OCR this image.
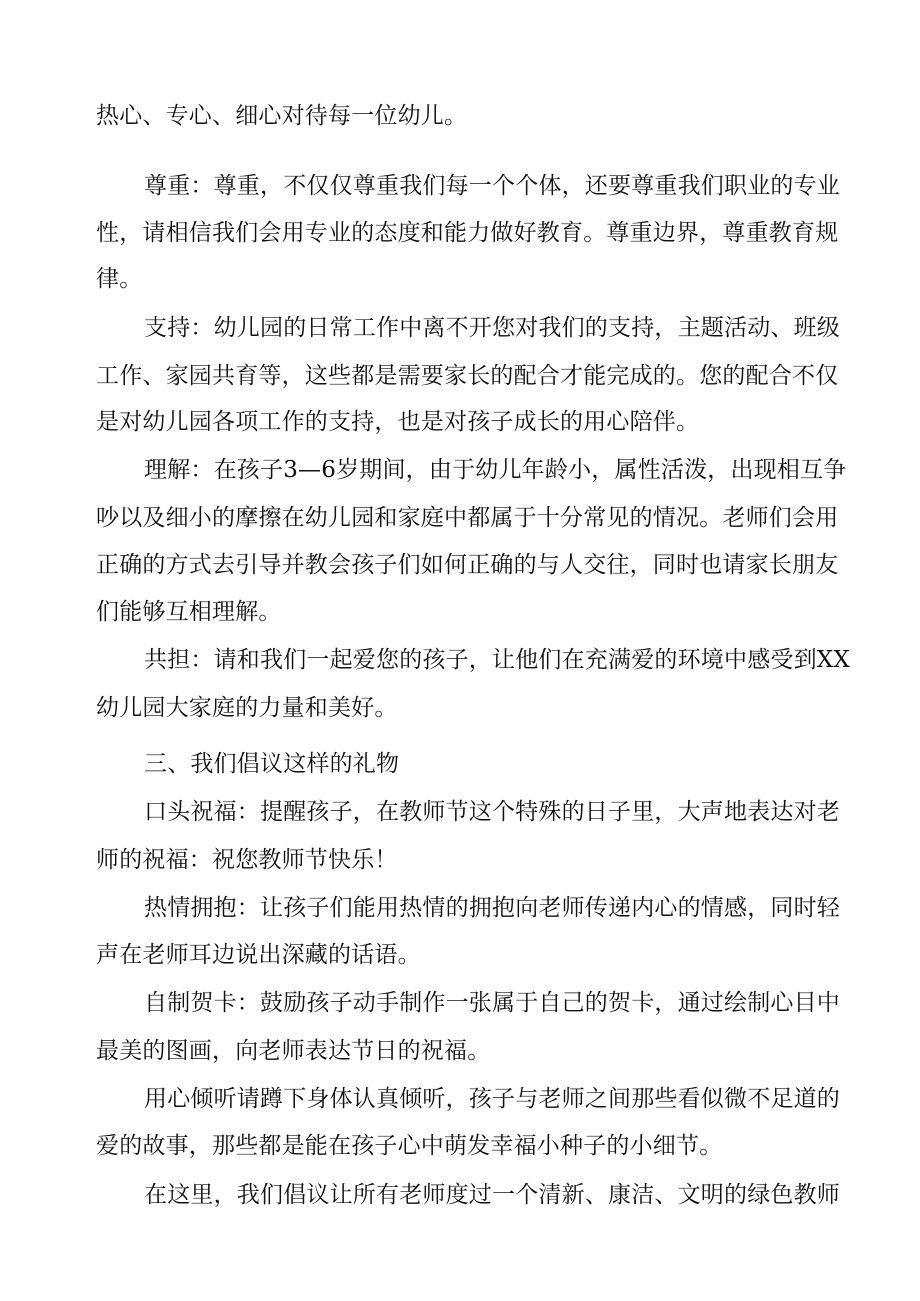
热心、专心、细心对待每一位幼儿。
尊重：尊重，不仅仅尊重我们每一个个体，还要尊重我们职业的专业
性，请相信我们会用专业的态度和能力做好教育。尊重边界，尊重教育规
律。
支持：幼儿园的日常工作中离不开您对我们的支持，主题活动、班级
工作、家园共育等，这些都是需要家长的配合才能完成的。您的配合不仅
是对幼儿园各项工作的支持，也是对孩子成长的用心陪伴。
理解：在孩子3—6岁期间，由于幼儿年龄小，属性活泼，出现相互争
吵以及细小的摩擦在幼儿园和家庭中都属于十分常见的情况。老师们会用
正确的方式去引导并教会孩子们如何正确的与人交往，同时也请家长朋友
们能够互相理解。
共担：请和我们一起爱您的孩子，让他们在充满爱的环境中感受到XX
幼儿园大家庭的力量和美好。
三、我们倡议这样的礼物
口头祝福：提醒孩子，在教师节这个特殊的日子里，大声地表达对老
师的祝福：祝您教师节快乐！
热情拥抱：让孩子们能用热情的拥抱向老师传递内心的情感，同时轻
声在老师耳边说出深藏的话语。
自制贺卡：鼓励孩子动手制作一张属于自己的贺卡，通过绘制心目中
最美的图画，向老师表达节日的祝福。
用心倾听请蹲下身体认真倾听，孩子与老师之间那些看似微不足道的
爱的故事，那些都是能在孩子心中萌发幸福小种子的小细节。
在这里，我们倡议让所有老师度过一个清新、康洁、文明的绿色教师
